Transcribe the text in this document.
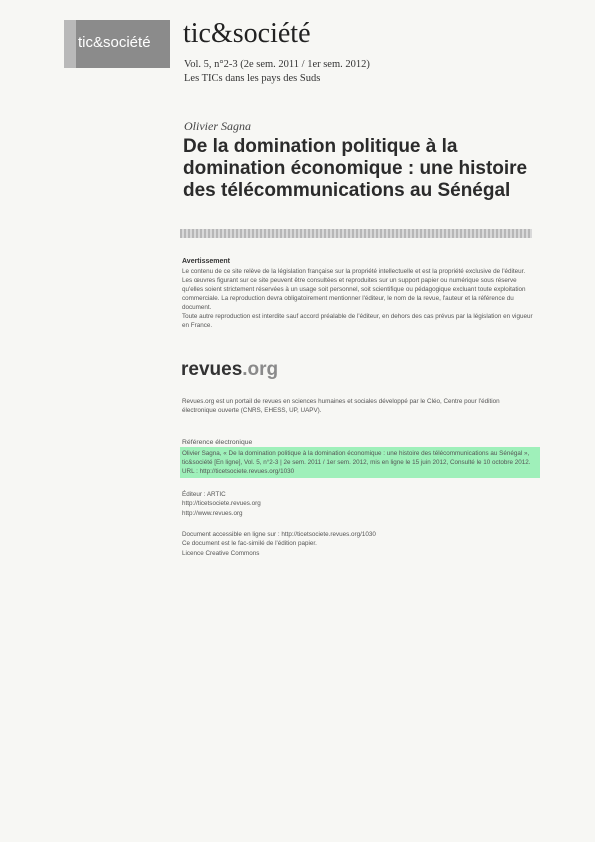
tic&société tic&société
Vol. 5, n°2-3 (2e sem. 2011 / 1er sem. 2012)
Les TICs dans les pays des Suds
Olivier Sagna
De la domination politique à la domination économique : une histoire des télécommunications au Sénégal
Avertissement

Le contenu de ce site relève de la législation française sur la propriété intellectuelle et est la propriété exclusive de l'éditeur.

Les œuvres figurant sur ce site peuvent être consultées et reproduites sur un support papier ou numérique sous réserve qu'elles soient strictement réservées à un usage soit personnel, soit scientifique ou pédagogique excluant toute exploitation commerciale. La reproduction devra obligatoirement mentionner l'éditeur, le nom de la revue, l'auteur et la référence du document.

Toute autre reproduction est interdite sauf accord préalable de l'éditeur, en dehors des cas prévus par la législation en vigueur en France.

revues.org

Revues.org est un portail de revues en sciences humaines et sociales développé par le Cléo, Centre pour l'édition électronique ouverte (CNRS, EHESS, UP, UAPV).

Référence électronique

Olivier Sagna, « De la domination politique à la domination économique : une histoire des télécommunications au Sénégal », tic&société [En ligne], Vol. 5, n°2-3 | 2e sem. 2011 / 1er sem. 2012, mis en ligne le 15 juin 2012, Consulté le 10 octobre 2012. URL : http://ticetsociete.revues.org/1030

Éditeur : ARTIC

http://ticetsociete.revues.org

http://www.revues.org

Document accessible en ligne sur : http://ticetsociete.revues.org/1030

Ce document est le fac-similé de l'édition papier.

Licence Creative Commons
